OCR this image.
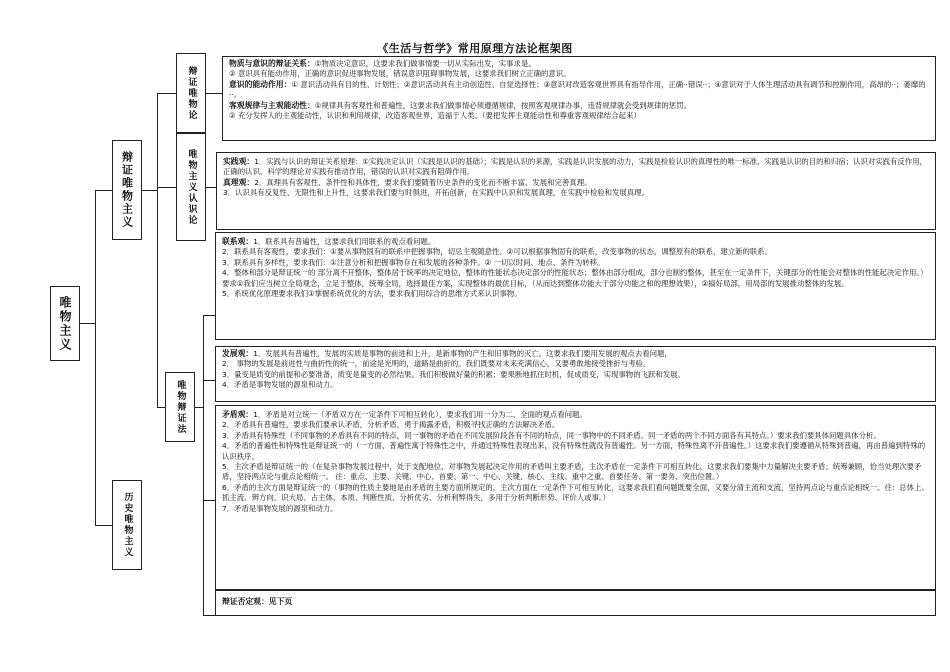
《生活与哲学》常用原理方法论框架图
唯物主义
辩证唯物主义
历史唯物主义
辩证唯物论
唯物主义认识论
唯物辩证法

物质与意识的辩证关系：①物质决定意识，这要求我们做事情要一切从实际出发，实事求是。

② 意识具有能动作用，正确的意识促进事物发展，错误意识阻碍事物发展，这要求我们树立正确的意识。

意识的能动作用：① 意识活动具有目的性、计划性；②意识活动具有主动创造性、自觉选择性；③意识对改造客观世界具有指导作用，正确··错误··；④意识对于人体生理活动具有调节和控制作用，高昂的··；萎靡的··。

客观规律与主观能动性：①规律具有客观性和普遍性，这要求我们做事情必须遵循规律，按照客观规律办事，违背规律就会受到规律的惩罚。

② 充分发挥人的主观能动性，认识和利用规律，改造客观世界，造福于人类。（要把发挥主观能动性和尊重客观规律结合起来）

实践观：1．实践与认识的辩证关系原理：①实践决定认识（实践是认识的基础）；实践是认识的来源，实践是认识发展的动力，实践是检验认识的真理性的唯一标准，实践是认识的目的和归宿；认识对实践有反作用，正确的认识、科学的理论对实践有推动作用，错误的认识对实践有阻碍作用。

真理观：2．真理具有客观性、条件性和具体性，要求我们要随着历史条件的变化而不断丰富、发展和完善真理。

3．认识具有反复性、无限性和上升性，这要求我们要与时俱进，开拓创新，在实践中认识和发展真理，在实践中检验和发展真理。

联系观：1．联系具有普遍性，这要求我们用联系的观点看问题。

2．联系具有客观性，要求我们：①要从事物固有的联系中把握事物，切忌主观随意性。②可以根据事物固有的联系，改变事物的状态，调整原有的联系，建立新的联系。

3．联系具有多样性，要求我们：①注意分析和把握事物存在和发展的各种条件。② 一切以时间、地点、条件为转移。

4．整体和部分是辩证统一的 部分离不开整体，整体居于统率的决定地位，整体的性能状态决定部分的性能状态；整体由部分组成，部分也制约整体，甚至在一定条件下，关键部分的性能会对整体的性能起决定作用。）要求①我们应当树立全局观念，立足于整体，统筹全局，选择最佳方案，实现整体的最优目标，（从而达到整体功能大于部分功能之和的理想效果），②搞好局部，用局部的发展推动整体的发展。

5．系统优化原理要求我们①掌握系统优化的方法，要求我们用综合的思维方式来认识事物。

发展观：1．发展具有普遍性，发展的实质是事物的前进和上升，是新事物的产生和旧事物的灭亡。这要求我们要用发展的观点去看问题，

2． 事物的发展是前进性与曲折性的统一，前途是光明的，道路是曲折的。我们既要对未来充满信心，又要勇敢地接受挫折与考验。

3．量变是质变的前提和必要准备，质变是量变的必然结果。我们积极做好量的积累；要果断地抓住时机，促成质变，实现事物的飞跃和发展。

4．矛盾是事物发展的源泉和动力。

矛盾观：1．矛盾是对立统一（矛盾双方在一定条件下可相互转化），要求我们用一分为二、全面的观点看问题。

2．矛盾具有普遍性，要求我们要承认矛盾，分析矛盾，勇于揭露矛盾，积极寻找正确的方法解决矛盾。

3．矛盾具有特殊性（不同事物的矛盾具有不同的特点，同一事物的矛盾在不同发展阶段各有不同的特点，同一事物中的不同矛盾、同一矛盾的两个不同方面各有其特点。）要求我们要具体问题具体分析。

4．矛盾的普遍性和特殊性是辩证统一的（一方面，普遍性寓于特殊性之中，并通过特殊性表现出来，没有特殊性就没有普遍性。另一方面，特殊性离不开普遍性。）这要求我们要遵循从特殊到普遍，再由普遍到特殊的认识秩序。

5．主次矛盾是辩证统一的（在复杂事物发展过程中，处于支配地位，对事物发展起决定作用的矛盾叫主要矛盾，主次矛盾在一定条件下可相互转化，这要求我们要集中力量解决主要矛盾；统筹兼顾，恰当处理次要矛盾，坚持两点论与重点论相统一。 往：重点、主要、关键、中心、首要、第一、中心、关键、核心、主线、重中之重、首要任务、第一要务、突出位置。）

6．矛盾的主次方面是辩证统一的（事物的性质主要地是由矛盾的主要方面所规定的，主次方面在一定条件下可相互转化，这要求我们看问题既要全面，又要分清主流和支流，坚持两点论与重点论相统一。往：总体上、抓主流、辨方向、识大局、占主体、本质、判断性质、分析优劣、分析利弊得失，多用于分析判断形势、评价人或事。）

7．矛盾是事物发展的源泉和动力。

辩证否定观：见下页
